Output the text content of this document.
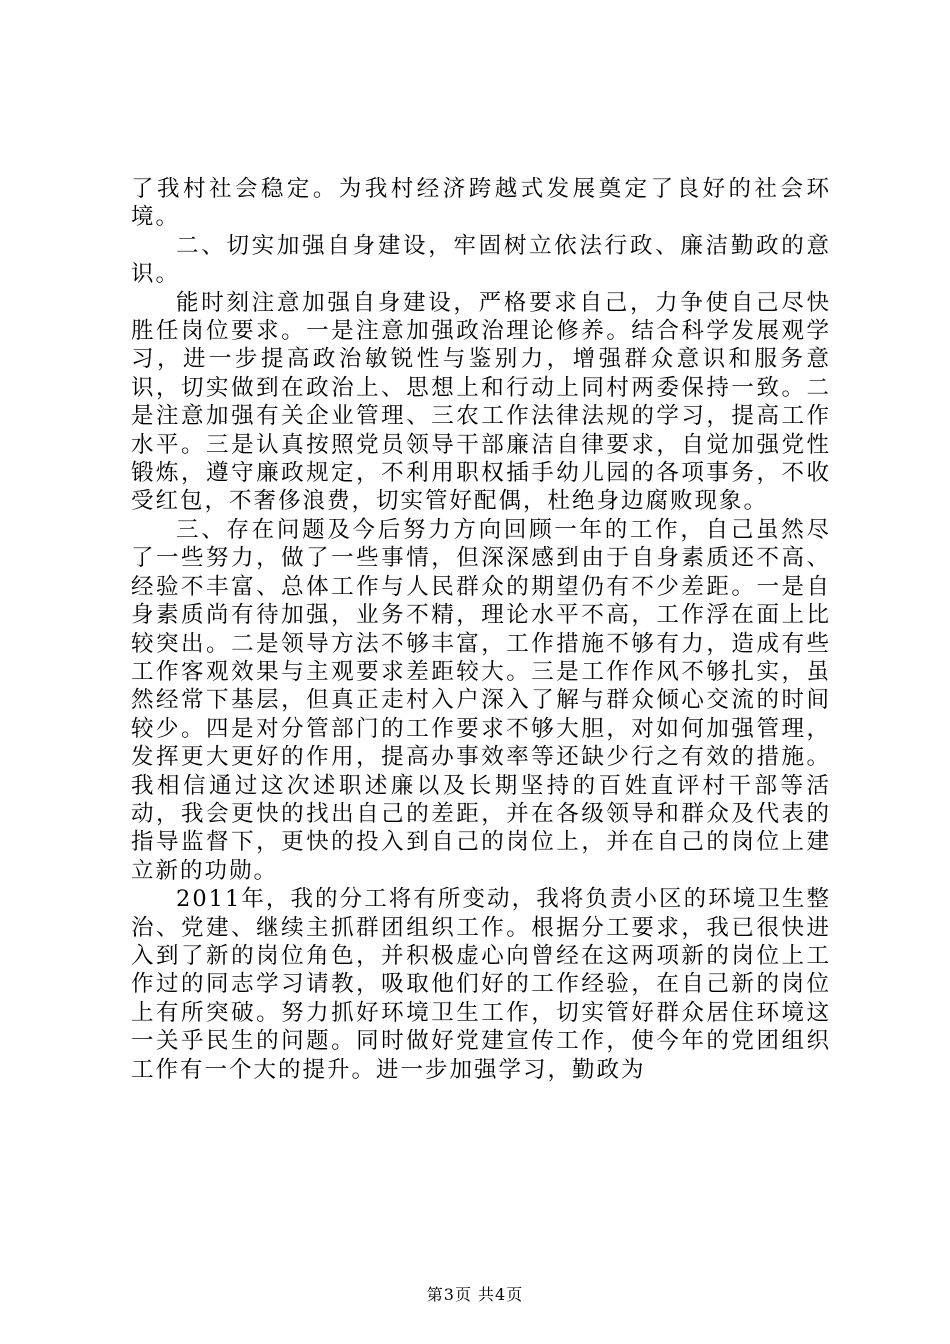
了我村社会稳定。为我村经济跨越式发展奠定了良好的社会环境。

二、切实加强自身建设，牢固树立依法行政、廉洁勤政的意识。

能时刻注意加强自身建设，严格要求自己，力争使自己尽快胜任岗位要求。一是注意加强政治理论修养。结合科学发展观学习，进一步提高政治敏锐性与鉴别力，增强群众意识和服务意识，切实做到在政治上、思想上和行动上同村两委保持一致。二是注意加强有关企业管理、三农工作法律法规的学习，提高工作水平。三是认真按照党员领导干部廉洁自律要求，自觉加强党性锻炼，遵守廉政规定，不利用职权插手幼儿园的各项事务，不收受红包，不奢侈浪费，切实管好配偶，杜绝身边腐败现象。

三、存在问题及今后努力方向回顾一年的工作，自己虽然尽了一些努力，做了一些事情，但深深感到由于自身素质还不高、经验不丰富、总体工作与人民群众的期望仍有不少差距。一是自身素质尚有待加强，业务不精，理论水平不高，工作浮在面上比较突出。二是领导方法不够丰富，工作措施不够有力，造成有些工作客观效果与主观要求差距较大。三是工作作风不够扎实，虽然经常下基层，但真正走村入户深入了解与群众倾心交流的时间较少。四是对分管部门的工作要求不够大胆，对如何加强管理，发挥更大更好的作用，提高办事效率等还缺少行之有效的措施。我相信通过这次述职述廉以及长期坚持的百姓直评村干部等活动，我会更快的找出自己的差距，并在各级领导和群众及代表的指导监督下，更快的投入到自己的岗位上，并在自己的岗位上建立新的功勋。

2011年，我的分工将有所变动，我将负责小区的环境卫生整治、党建、继续主抓群团组织工作。根据分工要求，我已很快进入到了新的岗位角色，并积极虚心向曾经在这两项新的岗位上工作过的同志学习请教，吸取他们好的工作经验，在自己新的岗位上有所突破。努力抓好环境卫生工作，切实管好群众居住环境这一关乎民生的问题。同时做好党建宣传工作，使今年的党团组织工作有一个大的提升。进一步加强学习，勤政为

第3页 共4页
